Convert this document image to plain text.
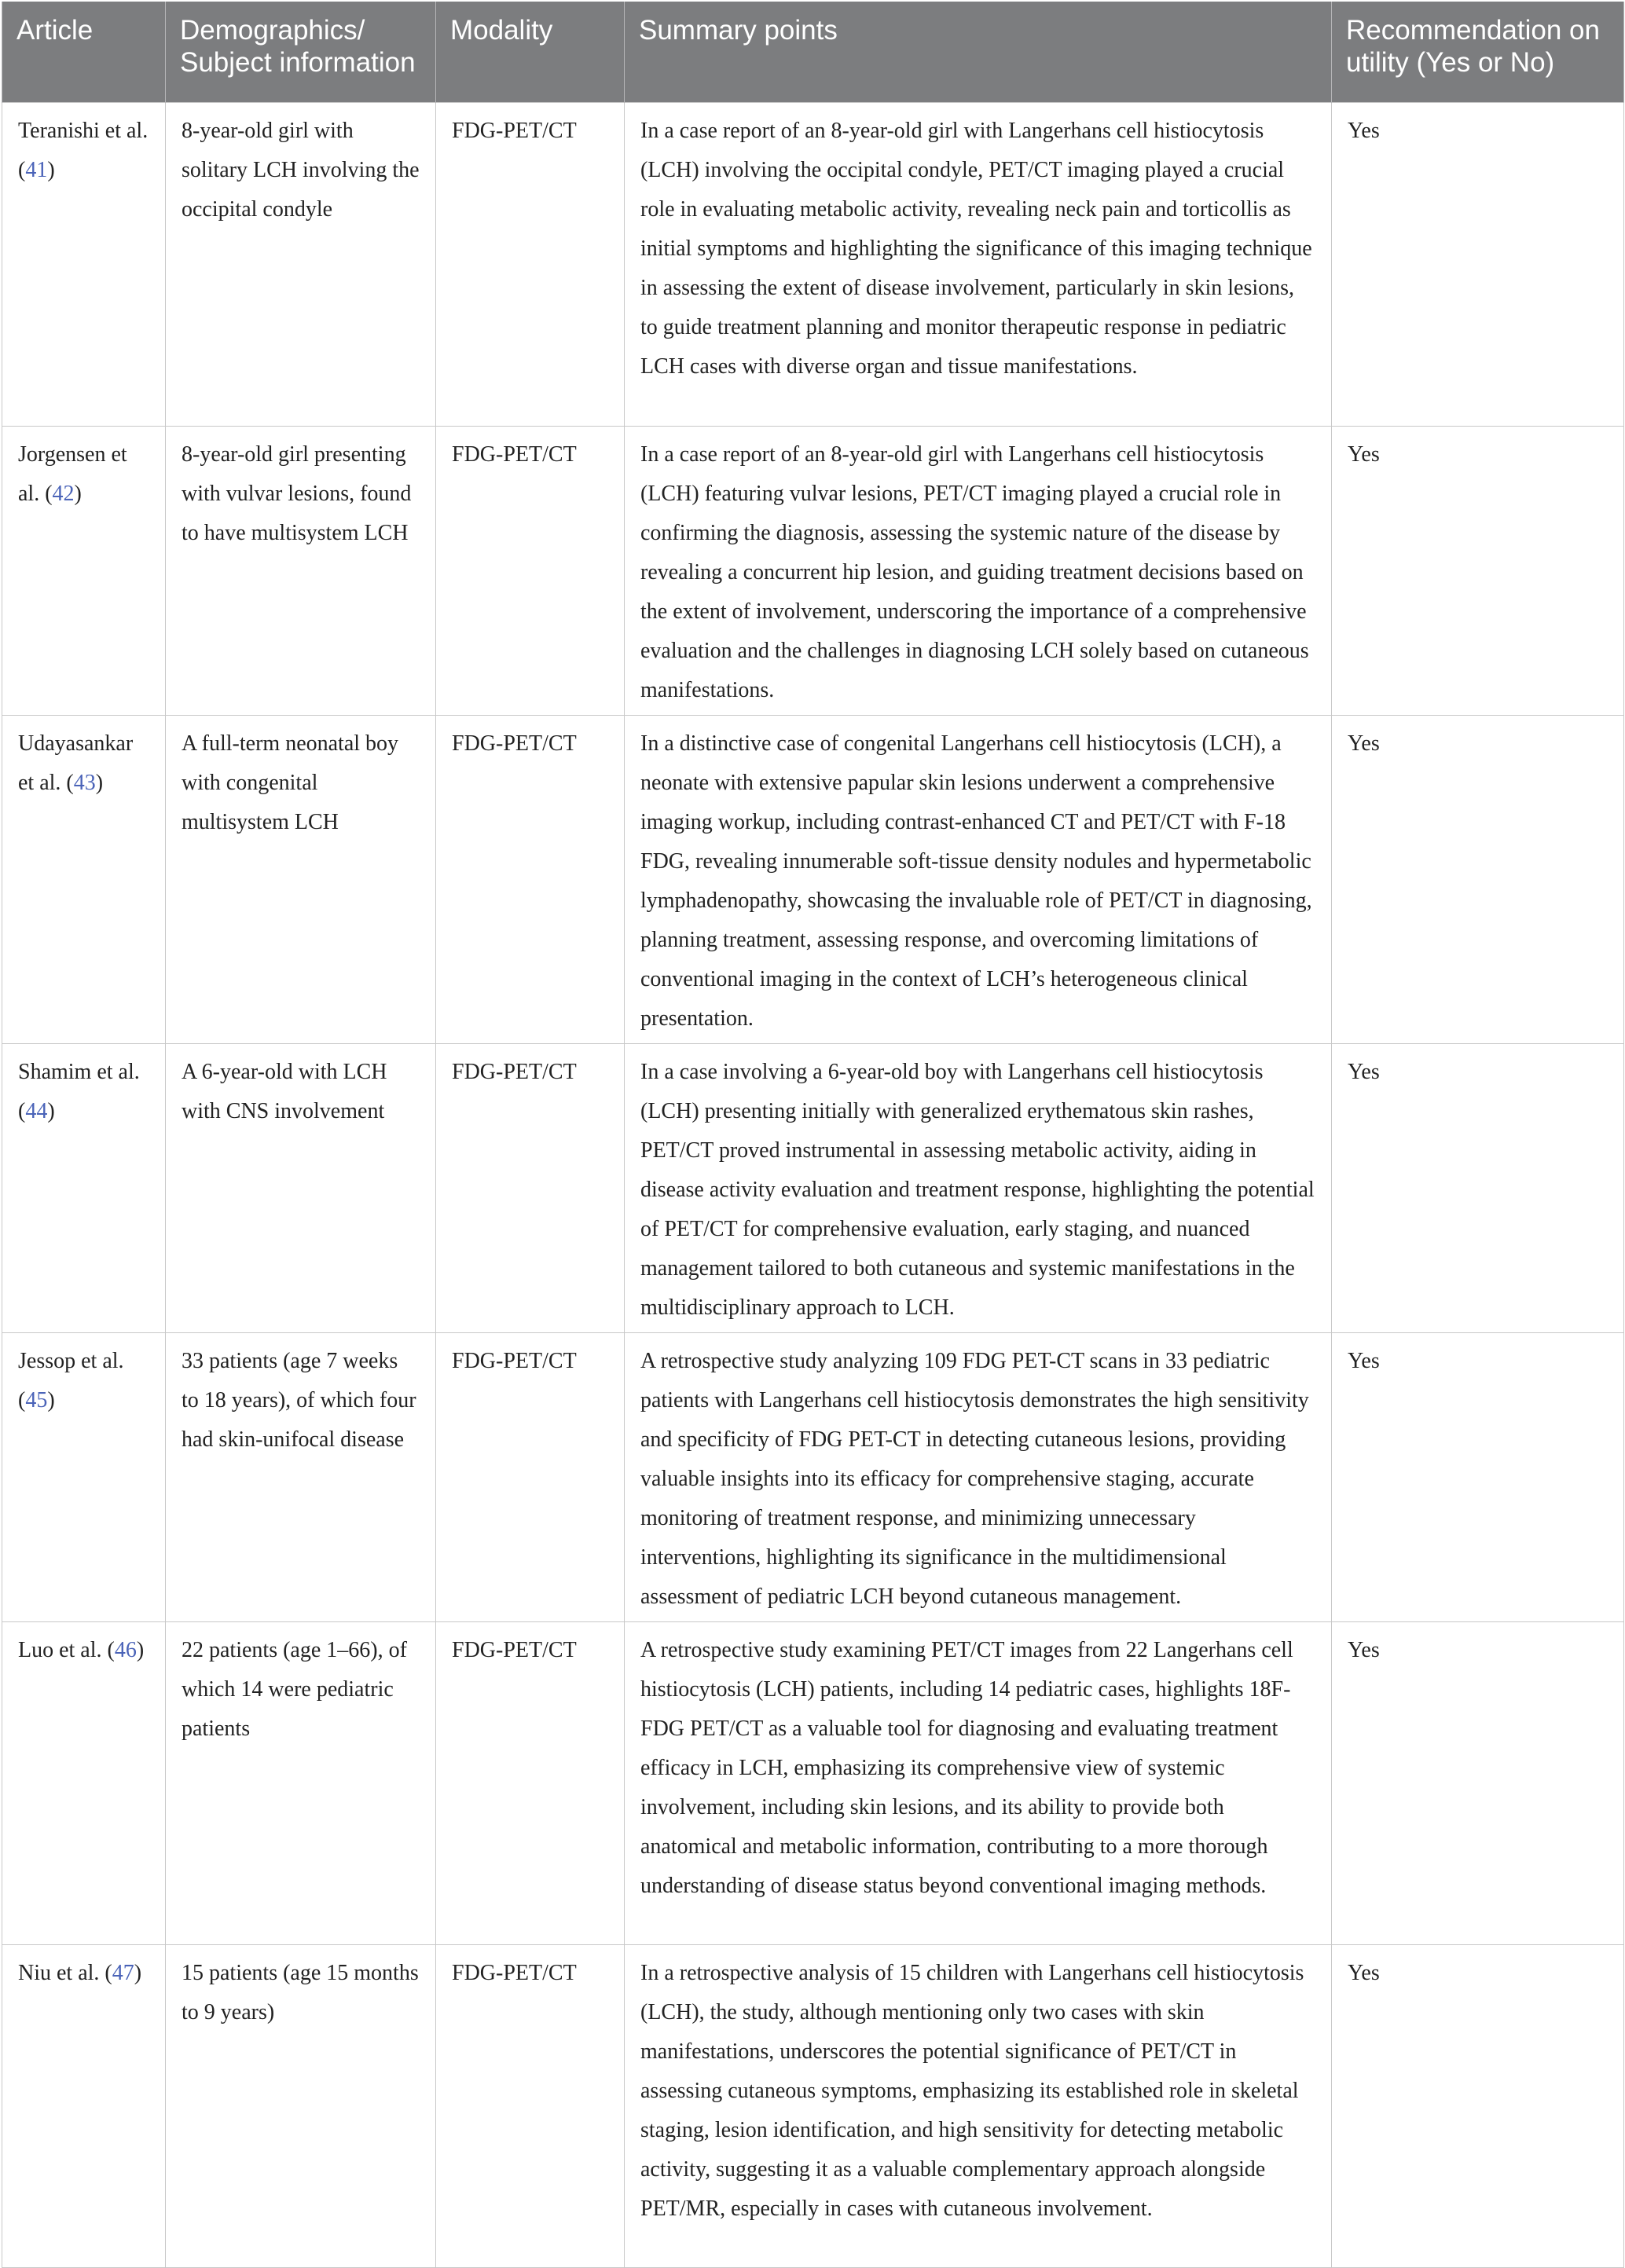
Article	Demographics/ Subject information	Modality	Summary points	Recommendation on utility (Yes or No)
Teranishi et al. (41)	8-year-old girl with solitary LCH involving the occipital condyle	FDG-PET/CT	In a case report of an 8-year-old girl with Langerhans cell histiocytosis (LCH) involving the occipital condyle, PET/CT imaging played a crucial role in evaluating metabolic activity, revealing neck pain and torticollis as initial symptoms and highlighting the significance of this imaging technique in assessing the extent of disease involvement, particularly in skin lesions, to guide treatment planning and monitor therapeutic response in pediatric LCH cases with diverse organ and tissue manifestations.	Yes
Jorgensen et al. (42)	8-year-old girl presenting with vulvar lesions, found to have multisystem LCH	FDG-PET/CT	In a case report of an 8-year-old girl with Langerhans cell histiocytosis (LCH) featuring vulvar lesions, PET/CT imaging played a crucial role in confirming the diagnosis, assessing the systemic nature of the disease by revealing a concurrent hip lesion, and guiding treatment decisions based on the extent of involvement, underscoring the importance of a comprehensive evaluation and the challenges in diagnosing LCH solely based on cutaneous manifestations.	Yes
Udayasankar et al. (43)	A full-term neonatal boy with congenital multisystem LCH	FDG-PET/CT	In a distinctive case of congenital Langerhans cell histiocytosis (LCH), a neonate with extensive papular skin lesions underwent a comprehensive imaging workup, including contrast-enhanced CT and PET/CT with F-18 FDG, revealing innumerable soft-tissue density nodules and hypermetabolic lymphadenopathy, showcasing the invaluable role of PET/CT in diagnosing, planning treatment, assessing response, and overcoming limitations of conventional imaging in the context of LCH’s heterogeneous clinical presentation.	Yes
Shamim et al. (44)	A 6-year-old with LCH with CNS involvement	FDG-PET/CT	In a case involving a 6-year-old boy with Langerhans cell histiocytosis (LCH) presenting initially with generalized erythematous skin rashes, PET/CT proved instrumental in assessing metabolic activity, aiding in disease activity evaluation and treatment response, highlighting the potential of PET/CT for comprehensive evaluation, early staging, and nuanced management tailored to both cutaneous and systemic manifestations in the multidisciplinary approach to LCH.	Yes
Jessop et al. (45)	33 patients (age 7 weeks to 18 years), of which four had skin-unifocal disease	FDG-PET/CT	A retrospective study analyzing 109 FDG PET-CT scans in 33 pediatric patients with Langerhans cell histiocytosis demonstrates the high sensitivity and specificity of FDG PET-CT in detecting cutaneous lesions, providing valuable insights into its efficacy for comprehensive staging, accurate monitoring of treatment response, and minimizing unnecessary interventions, highlighting its significance in the multidimensional assessment of pediatric LCH beyond cutaneous management.	Yes
Luo et al. (46)	22 patients (age 1–66), of which 14 were pediatric patients	FDG-PET/CT	A retrospective study examining PET/CT images from 22 Langerhans cell histiocytosis (LCH) patients, including 14 pediatric cases, highlights 18F-FDG PET/CT as a valuable tool for diagnosing and evaluating treatment efficacy in LCH, emphasizing its comprehensive view of systemic involvement, including skin lesions, and its ability to provide both anatomical and metabolic information, contributing to a more thorough understanding of disease status beyond conventional imaging methods.	Yes
Niu et al. (47)	15 patients (age 15 months to 9 years)	FDG-PET/CT	In a retrospective analysis of 15 children with Langerhans cell histiocytosis (LCH), the study, although mentioning only two cases with skin manifestations, underscores the potential significance of PET/CT in assessing cutaneous symptoms, emphasizing its established role in skeletal staging, lesion identification, and high sensitivity for detecting metabolic activity, suggesting it as a valuable complementary approach alongside PET/MR, especially in cases with cutaneous involvement.	Yes
